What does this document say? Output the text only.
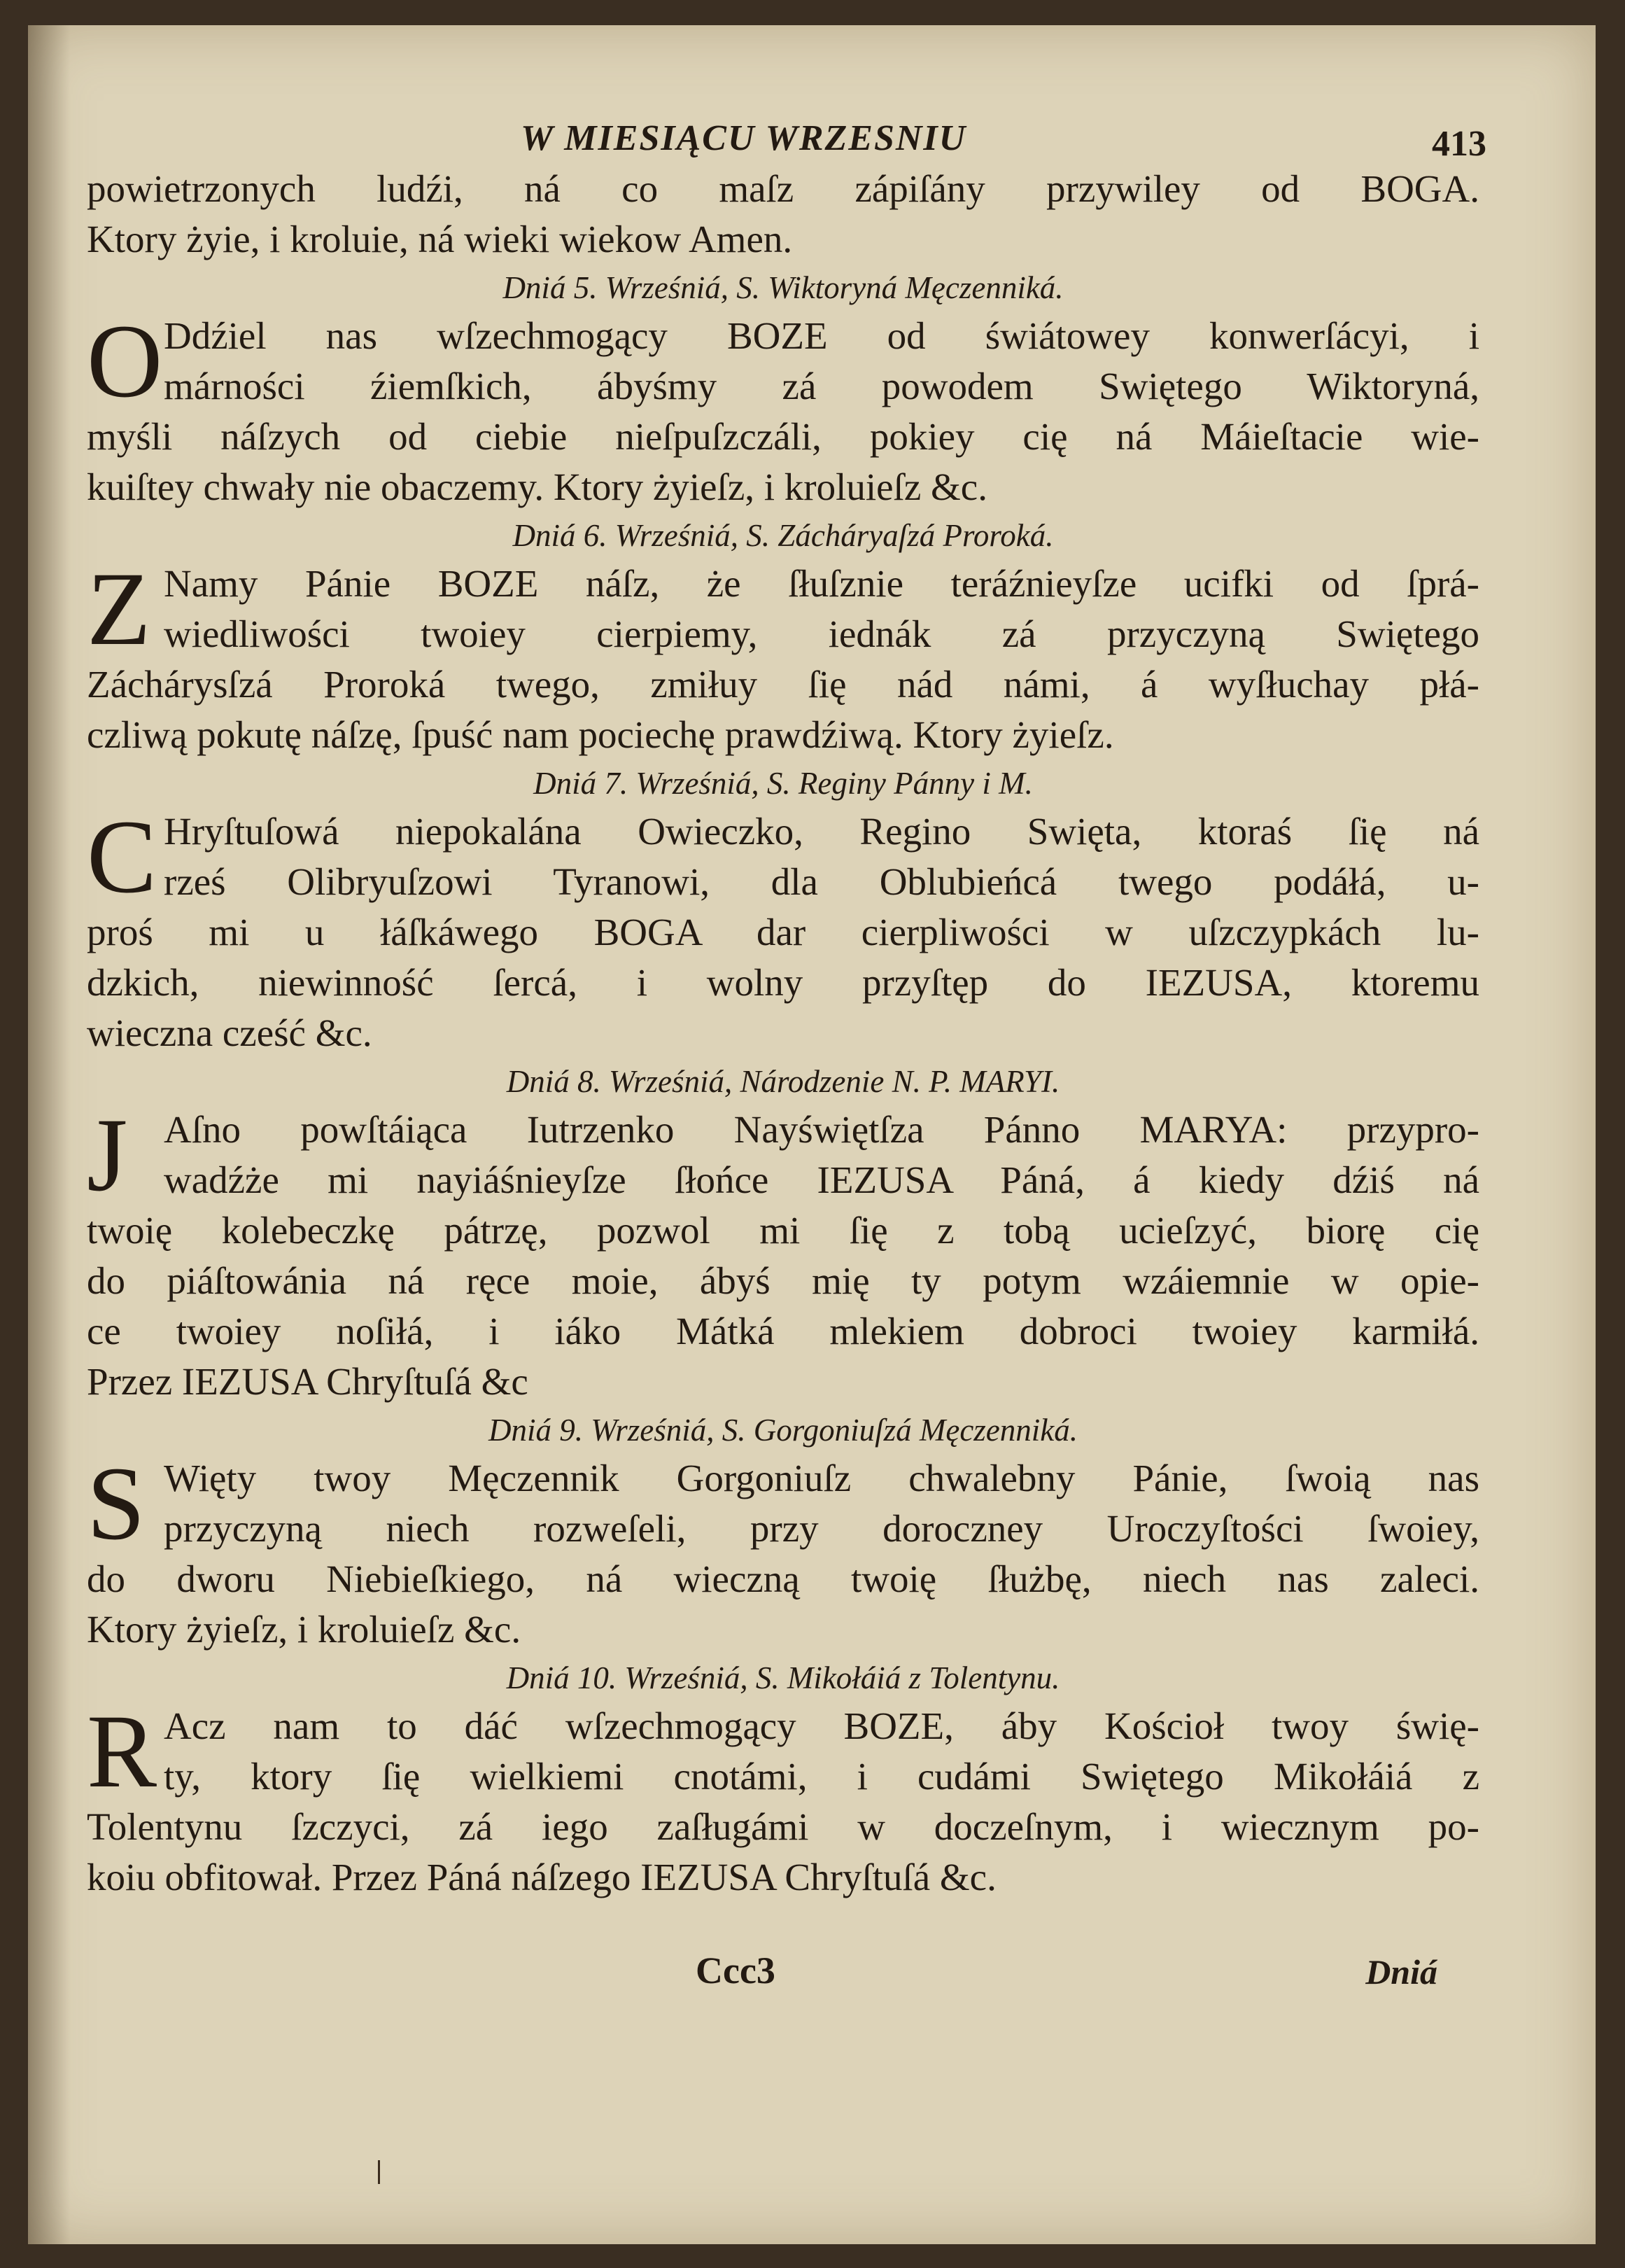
W MIESIĄCU WRZESNIU	413
powietrzonych ludźi, ná co maſz zápiſány przywiley od BOGA.
Ktory żyie, i kroluie, ná wieki wiekow Amen.
Dniá 5. Wrześniá, S. Wiktoryná Męczenniká.
O Ddźiel nas wſzechmogący BOZE od świátowey konwerſácyi, i
márności źiemſkich, ábyśmy zá powodem Swiętego Wiktoryná,
myśli náſzych od ciebie nieſpuſzczáli, pokiey cię ná Máieſtacie wie-
kuiſtey chwały nie obaczemy. Ktory żyieſz, i kroluieſz &c.
Dniá 6. Wrześniá, S. Zácháryaſzá Proroká.
Z Namy Pánie BOZE náſz, że ſłuſznie teráźnieyſze ucifki od ſprá-
wiedliwości twoiey cierpiemy, iednák zá przyczyną Swiętego
Záchárysſzá Proroká twego, zmiłuy ſię nád námi, á wyſłuchay płá-
czliwą pokutę náſzę, ſpuść nam pociechę prawdźiwą. Ktory żyieſz.
Dniá 7. Wrześniá, S. Reginy Pánny i M.
C Hryſtuſowá niepokalána Owieczko, Regino Swięta, ktoraś ſię ná
rześ Olibryuſzowi Tyranowi, dla Oblubieńcá twego podáłá, u-
proś mi u łáſkáwego BOGA dar cierpliwości w uſzczypkách lu-
dzkich, niewinność ſercá, i wolny przyſtęp do IEZUSA, ktoremu
wieczna cześć &c.
Dniá 8. Wrześniá, Národzenie N. P. MARYI.
J Aſno powſtáiąca Iutrzenko Nayświętſza Pánno MARYA: przypro-
wadźże mi nayiáśnieyſze ſłońce IEZUSA Páná, á kiedy dźiś ná
twoię kolebeczkę pátrzę, pozwol mi ſię z tobą ucieſzyć, biorę cię
do piáſtowánia ná ręce moie, ábyś mię ty potym wzáiemnie w opie-
ce twoiey noſiłá, i iáko Mátká mlekiem dobroci twoiey karmiłá.
Przez IEZUSA Chryſtuſá &c
Dniá 9. Wrześniá, S. Gorgoniuſzá Męczenniká.
S Więty twoy Męczennik Gorgoniuſz chwalebny Pánie, ſwoią nas
przyczyną niech rozweſeli, przy doroczney Uroczyſtości ſwoiey,
do dworu Niebieſkiego, ná wieczną twoię ſłużbę, niech nas zaleci.
Ktory żyieſz, i kroluieſz &c.
Dniá 10. Wrześniá, S. Mikołáiá z Tolentynu.
R Acz nam to dáć wſzechmogący BOZE, áby Kościoł twoy świę-
ty, ktory ſię wielkiemi cnotámi, i cudámi Swiętego Mikołáiá z
Tolentynu ſzczyci, zá iego zaſługámi w doczeſnym, i wiecznym po-
koiu obfitował. Przez Páná náſzego IEZUSA Chryſtuſá &c.
Ccc3	Dniá
